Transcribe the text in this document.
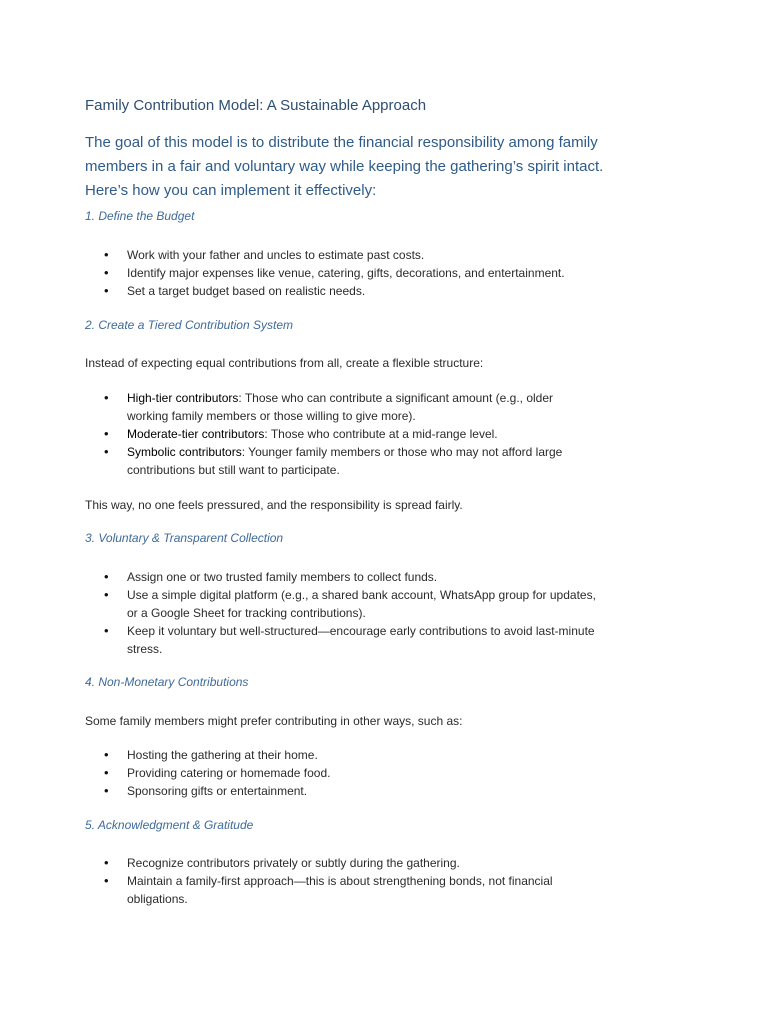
Family Contribution Model: A Sustainable Approach

The goal of this model is to distribute the financial responsibility among family members in a fair and voluntary way while keeping the gathering’s spirit intact. Here’s how you can implement it effectively:

1. Define the Budget
• Work with your father and uncles to estimate past costs.
• Identify major expenses like venue, catering, gifts, decorations, and entertainment.
• Set a target budget based on realistic needs.
2. Create a Tiered Contribution System

Instead of expecting equal contributions from all, create a flexible structure:

• High-tier contributors: Those who can contribute a significant amount (e.g., older working family members or those willing to give more).
• Moderate-tier contributors: Those who contribute at a mid-range level.
• Symbolic contributors: Younger family members or those who may not afford large contributions but still want to participate.

This way, no one feels pressured, and the responsibility is spread fairly.

3. Voluntary & Transparent Collection
• Assign one or two trusted family members to collect funds.
• Use a simple digital platform (e.g., a shared bank account, WhatsApp group for updates, or a Google Sheet for tracking contributions).
• Keep it voluntary but well-structured—encourage early contributions to avoid last-minute stress.
4. Non-Monetary Contributions

Some family members might prefer contributing in other ways, such as:

• Hosting the gathering at their home.
• Providing catering or homemade food.
• Sponsoring gifts or entertainment.
5. Acknowledgment & Gratitude
• Recognize contributors privately or subtly during the gathering.
• Maintain a family-first approach—this is about strengthening bonds, not financial obligations.
